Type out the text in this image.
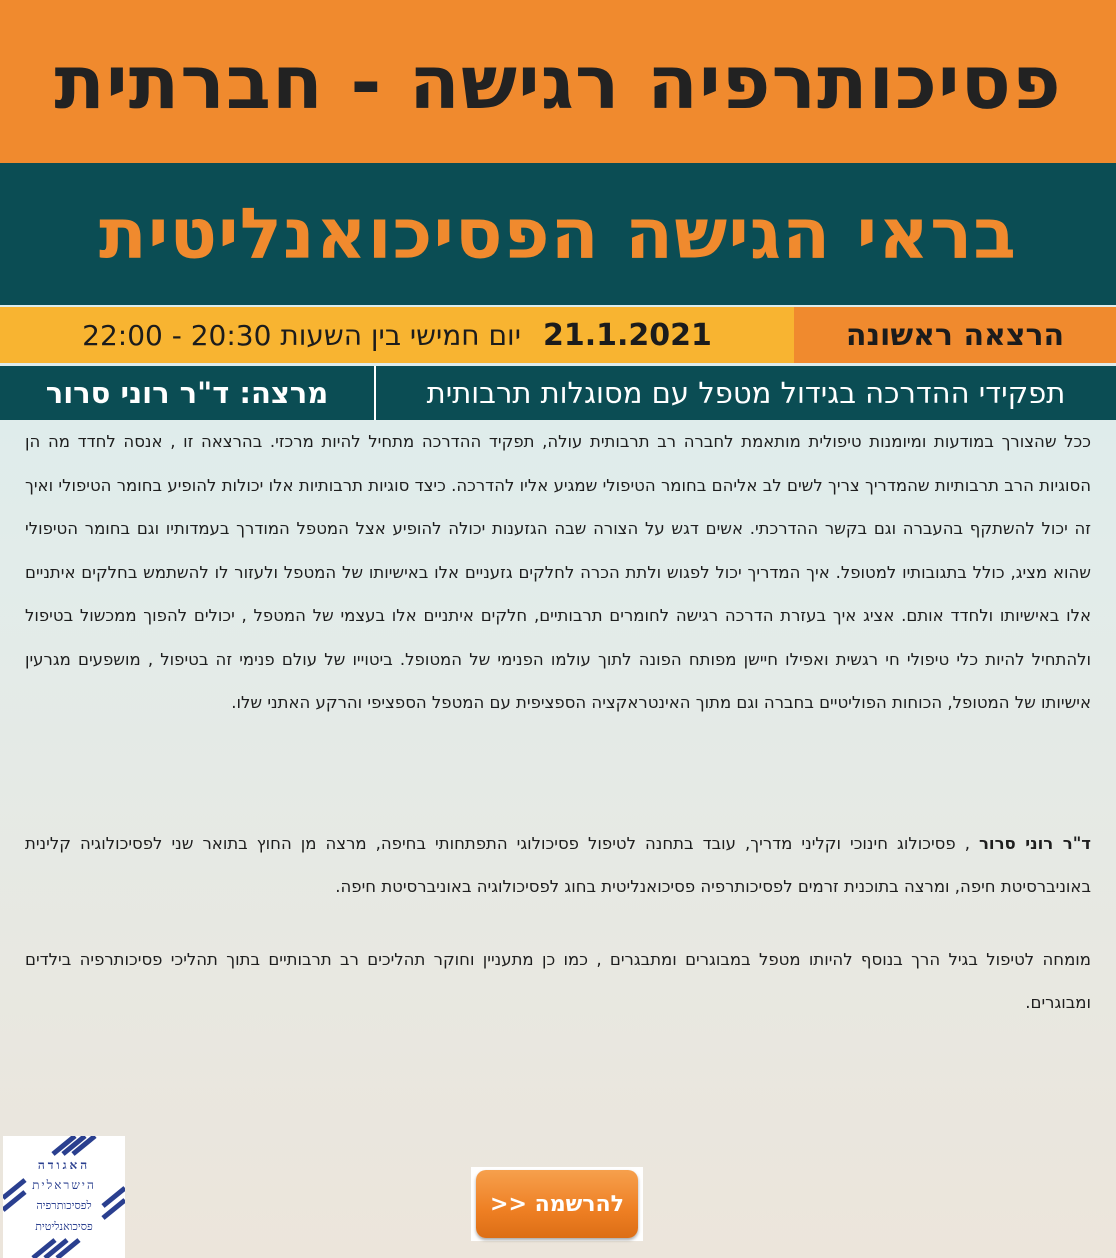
פסיכותרפיה רגישה - חברתית
בראי הגישה הפסיכואנליטית
הרצאה ראשונה
21.1.2021
יום חמישי בין השעות 20:30 - 22:00
תפקידי ההדרכה בגידול מטפל עם מסוגלות תרבותית
מרצה: ד"ר רוני סרור

ככל שהצורך במודעות ומיומנות טיפולית מותאמת לחברה רב תרבותית עולה, תפקיד ההדרכה מתחיל להיות מרכזי. בהרצאה זו , אנסה לחדד מה הן הסוגיות הרב תרבותיות שהמדריך צריך לשים לב אליהם בחומר הטיפולי שמגיע אליו להדרכה. כיצד סוגיות תרבותיות אלו יכולות להופיע בחומר הטיפולי ואיך זה יכול להשתקף בהעברה וגם בקשר ההדרכתי. אשים דגש על הצורה שבה הגזענות יכולה להופיע אצל המטפל המודרך בעמדותיו וגם בחומר הטיפולי שהוא מציג, כולל בתגובותיו למטופל. איך המדריך יכול לפגוש ולתת הכרה לחלקים גזעניים אלו באישיותו של המטפל ולעזור לו להשתמש בחלקים איתניים אלו באישיותו ולחדד אותם. אציג איך בעזרת הדרכה רגישה לחומרים תרבותיים, חלקים איתניים אלו בעצמי של המטפל , יכולים להפוך ממכשול בטיפול ולהתחיל להיות כלי טיפולי חי רגשית ואפילו חיישן מפותח הפונה לתוך עולמו הפנימי של המטופל. ביטוייו של עולם פנימי זה בטיפול , מושפעים מגרעין אישיותו של המטופל, הכוחות הפוליטיים בחברה וגם מתוך האינטראקציה הספציפית עם המטפל הספציפי והרקע האתני שלו.

ד"ר רוני סרור , פסיכולוג חינוכי וקליני מדריך, עובד בתחנה לטיפול פסיכולוגי התפתחותי בחיפה, מרצה מן החוץ בתואר שני לפסיכולוגיה קלינית באוניברסיטת חיפה, ומרצה בתוכנית זרמים לפסיכותרפיה פסיכואנליטית בחוג לפסיכולוגיה באוניברסיטת חיפה.

מומחה לטיפול בגיל הרך בנוסף להיותו מטפל במבוגרים ומתבגרים , כמו כן מתעניין וחוקר תהליכים רב תרבותיים בתוך תהליכי פסיכותרפיה בילדים ומבוגרים.

האגודה
הישראלית
לפסיכותרפיה
פסיכואנליטית
להרשמה <<
